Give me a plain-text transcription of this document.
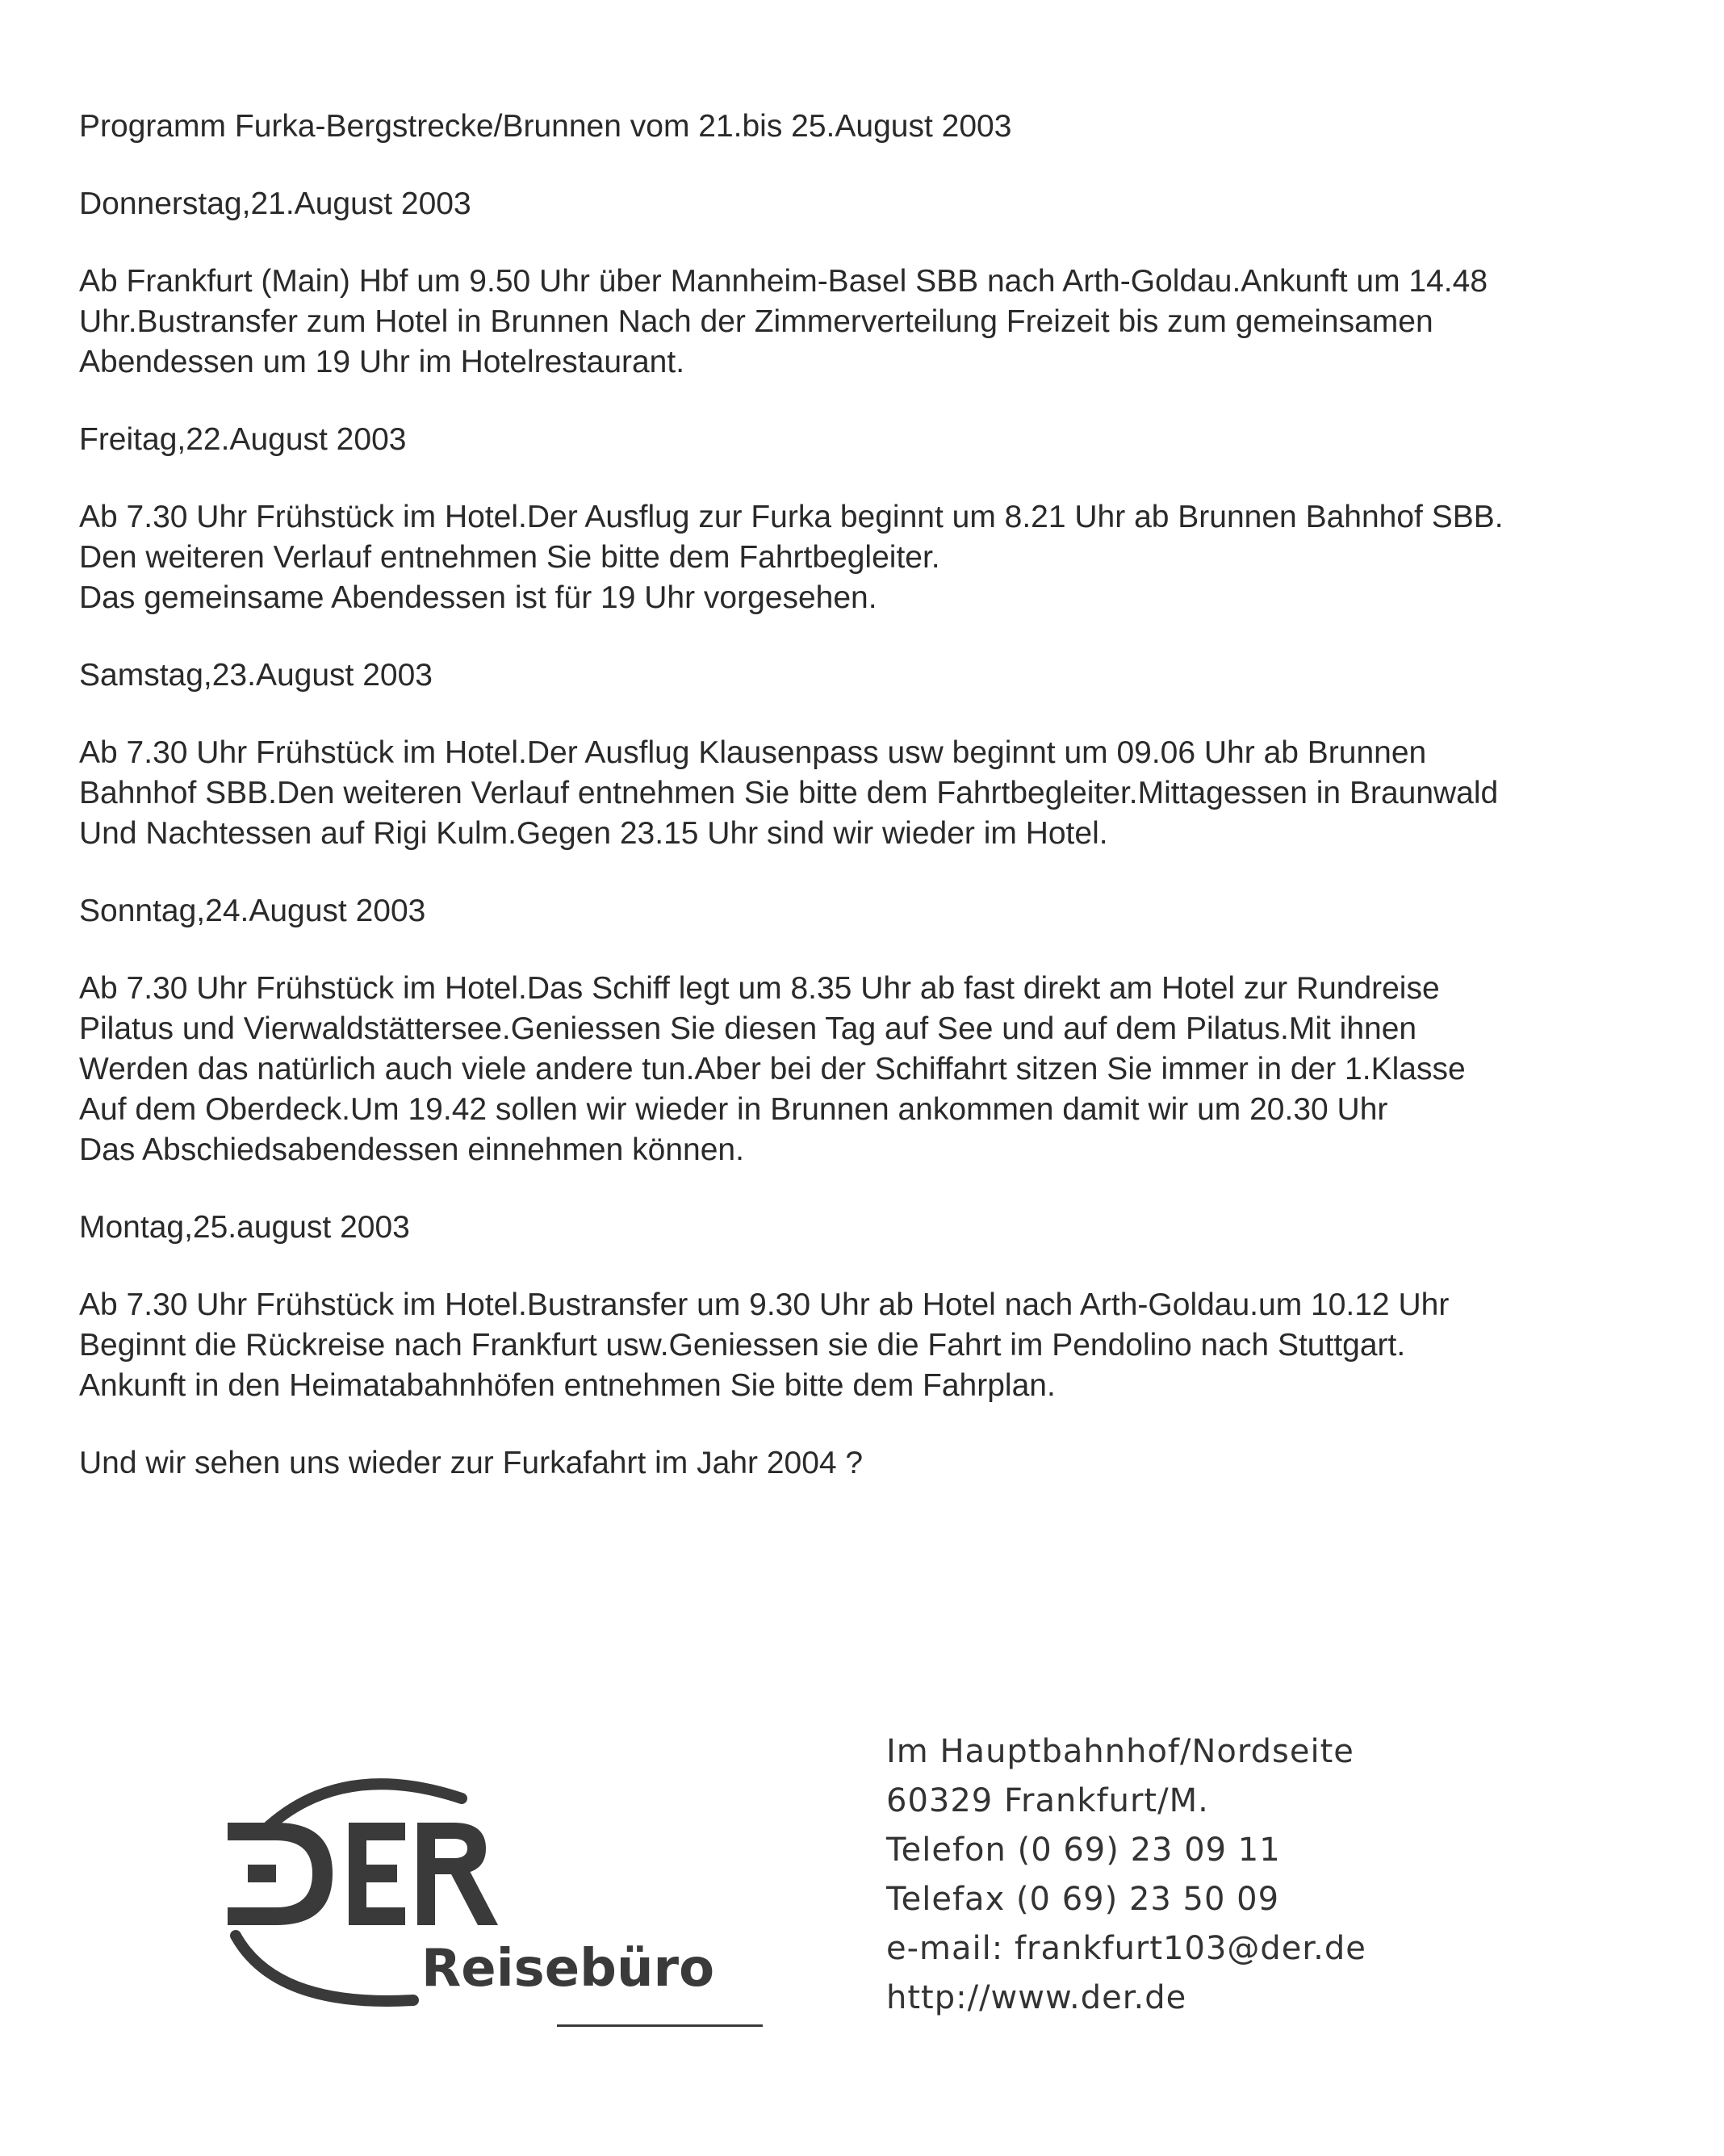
Programm Furka-Bergstrecke/Brunnen vom 21.bis 25.August 2003

Donnerstag,21.August 2003

Ab Frankfurt (Main) Hbf um 9.50 Uhr über Mannheim-Basel SBB nach Arth-Goldau.Ankunft um 14.48
Uhr.Bustransfer zum Hotel in Brunnen Nach der Zimmerverteilung Freizeit bis zum gemeinsamen
Abendessen um 19 Uhr im Hotelrestaurant.

Freitag,22.August 2003

Ab 7.30 Uhr Frühstück im Hotel.Der Ausflug zur Furka beginnt um 8.21 Uhr ab Brunnen Bahnhof SBB.
Den weiteren Verlauf entnehmen Sie bitte dem Fahrtbegleiter.
Das gemeinsame Abendessen ist für 19 Uhr vorgesehen.

Samstag,23.August 2003

Ab 7.30 Uhr Frühstück im Hotel.Der Ausflug Klausenpass usw beginnt um 09.06 Uhr ab Brunnen
Bahnhof SBB.Den weiteren Verlauf entnehmen Sie bitte dem Fahrtbegleiter.Mittagessen in Braunwald
Und Nachtessen auf Rigi Kulm.Gegen 23.15 Uhr sind wir wieder im Hotel.

Sonntag,24.August 2003

Ab 7.30 Uhr Frühstück im Hotel.Das Schiff legt um 8.35 Uhr ab fast direkt am Hotel zur Rundreise
Pilatus und Vierwaldstättersee.Geniessen Sie diesen Tag auf See und auf dem Pilatus.Mit ihnen
Werden das natürlich auch viele andere tun.Aber bei der Schiffahrt sitzen Sie immer in der 1.Klasse
Auf dem Oberdeck.Um 19.42 sollen wir wieder in Brunnen ankommen damit wir um 20.30 Uhr
Das Abschiedsabendessen einnehmen können.

Montag,25.august 2003

Ab 7.30 Uhr Frühstück im Hotel.Bustransfer um 9.30 Uhr ab Hotel nach Arth-Goldau.um 10.12 Uhr
Beginnt die Rückreise nach Frankfurt usw.Geniessen sie die Fahrt im Pendolino nach Stuttgart.
Ankunft in den Heimatabahnhöfen entnehmen Sie bitte dem Fahrplan.

Und wir sehen uns wieder zur Furkafahrt im Jahr 2004 ?

Reisebüro
Im Hauptbahnhof/Nordseite
60329 Frankfurt/M.
Telefon (0 69) 23 09 11
Telefax (0 69) 23 50 09
e-mail: frankfurt103@der.de
http://www.der.de
